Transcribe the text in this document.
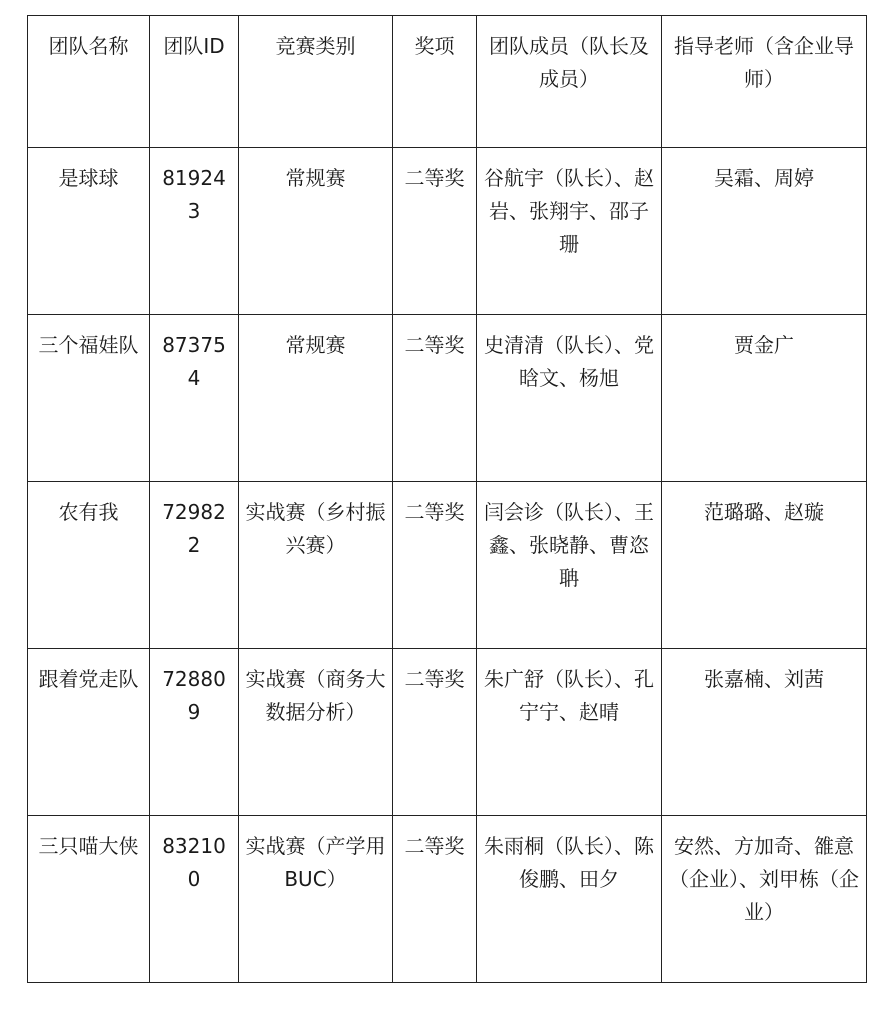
团队名称	团队ID	竞赛类别	奖项	团队成员（队长及成员）	指导老师（含企业导师）
是球球	819243	常规赛	二等奖	谷航宇（队长）、赵岩、张翔宇、邵子珊	吴霜、周婷
三个福娃队	873754	常规赛	二等奖	史清清（队长）、党晗文、杨旭	贾金广
农有我	729822	实战赛（乡村振兴赛）	二等奖	闫会诊（队长）、王鑫、张晓静、曹恣聃	范璐璐、赵璇
跟着党走队	728809	实战赛（商务大数据分析）	二等奖	朱广舒（队长）、孔宁宁、赵晴	张嘉楠、刘茜
三只喵大侠	832100	实战赛（产学用 BUC）	二等奖	朱雨桐（队长）、陈俊鹏、田夕	安然、方加奇、雒意（企业）、刘甲栋（企业）
